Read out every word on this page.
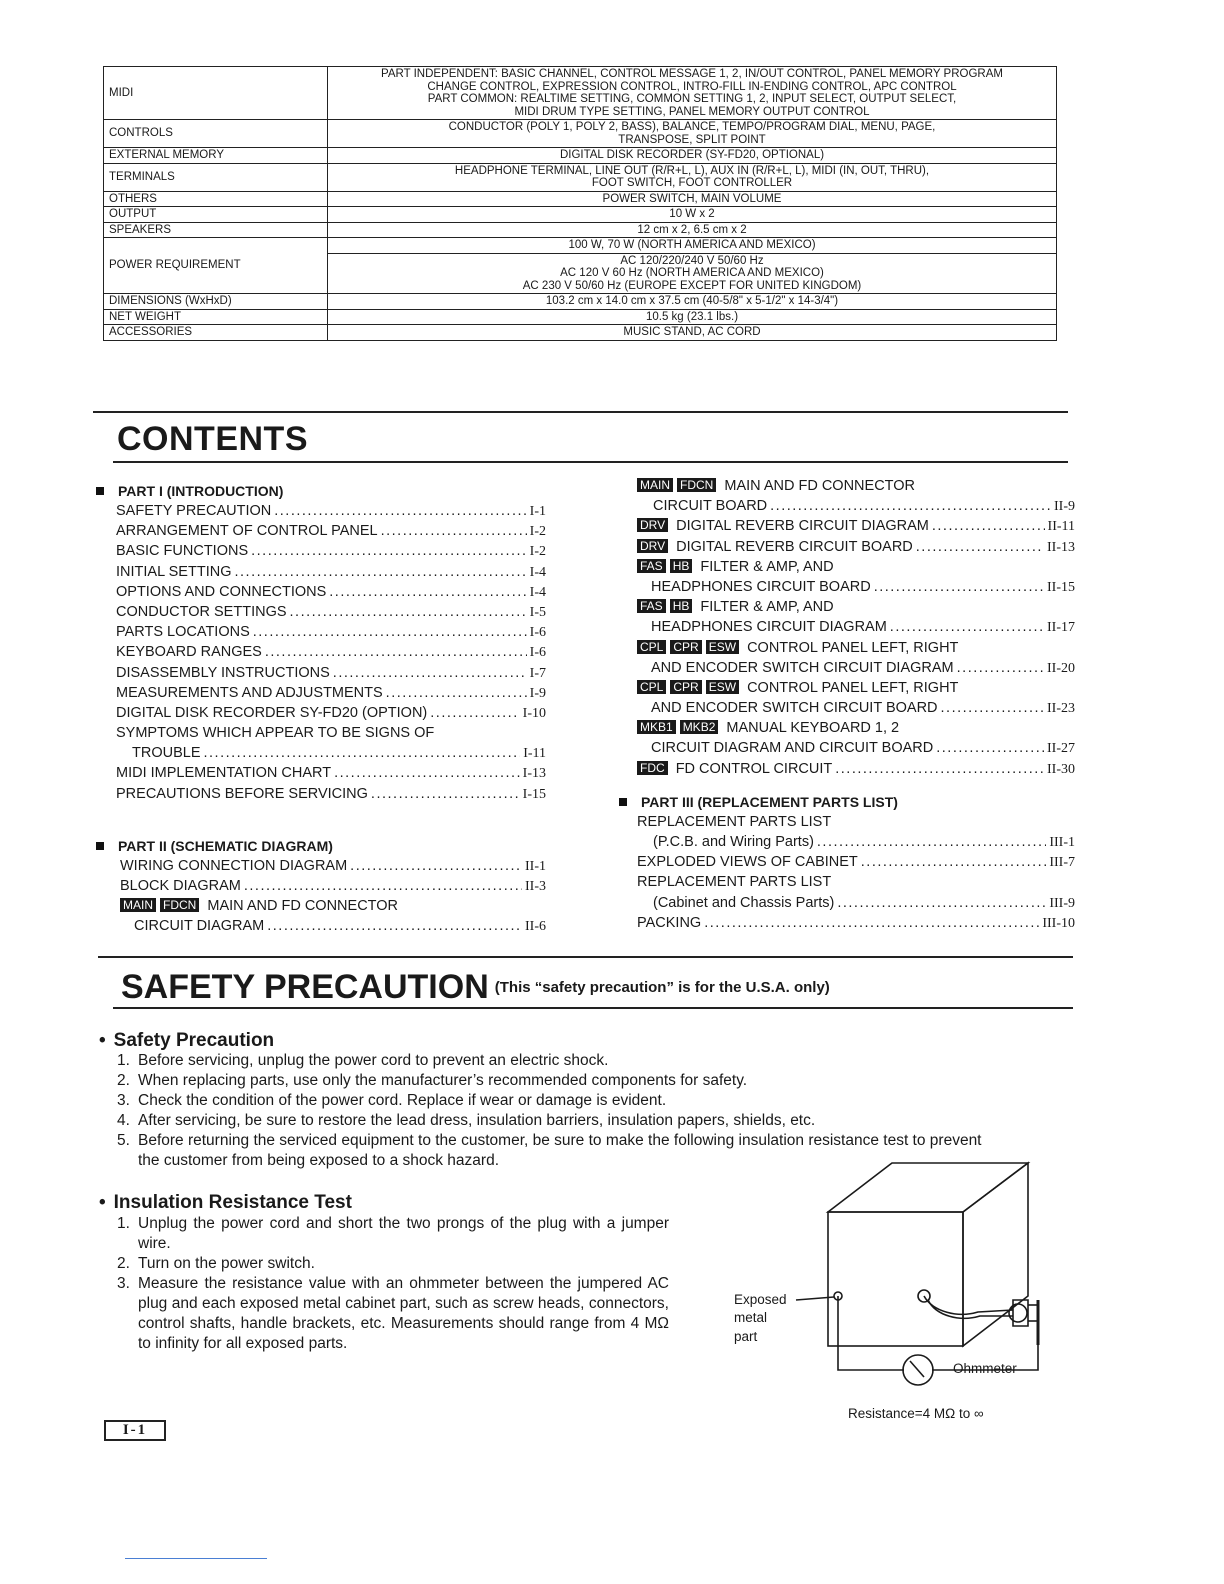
MIDI	PART INDEPENDENT: BASIC CHANNEL, CONTROL MESSAGE 1, 2, IN/OUT CONTROL, PANEL MEMORY PROGRAM
CHANGE CONTROL, EXPRESSION CONTROL, INTRO-FILL IN-ENDING CONTROL, APC CONTROL
PART COMMON: REALTIME SETTING, COMMON SETTING 1, 2, INPUT SELECT, OUTPUT SELECT,
MIDI DRUM TYPE SETTING, PANEL MEMORY OUTPUT CONTROL

CONTROLS	CONDUCTOR (POLY 1, POLY 2, BASS), BALANCE, TEMPO/PROGRAM DIAL, MENU, PAGE,
TRANSPOSE, SPLIT POINT

EXTERNAL MEMORY	DIGITAL DISK RECORDER (SY-FD20, OPTIONAL)

TERMINALS	HEADPHONE TERMINAL, LINE OUT (R/R+L, L), AUX IN (R/R+L, L), MIDI (IN, OUT, THRU),
FOOT SWITCH, FOOT CONTROLLER

OTHERS	POWER SWITCH, MAIN VOLUME

OUTPUT	10 W x 2

SPEAKERS	12 cm x 2, 6.5 cm x 2

POWER REQUIREMENT	100 W, 70 W (NORTH AMERICA AND MEXICO)

	AC 120/220/240 V 50/60 Hz
AC 120 V 60 Hz (NORTH AMERICA AND MEXICO)
AC 230 V 50/60 Hz (EUROPE EXCEPT FOR UNITED KINGDOM)

DIMENSIONS (WxHxD)	103.2 cm x 14.0 cm x 37.5 cm (40-5/8" x 5-1/2" x 14-3/4")

NET WEIGHT	10.5 kg (23.1 lbs.)

ACCESSORIES	MUSIC STAND, AC CORD
CONTENTS
PART I (INTRODUCTION)
SAFETY PRECAUTION .....	I-1
ARRANGEMENT OF CONTROL PANEL .....	I-2
BASIC FUNCTIONS .....	I-2
INITIAL SETTING .....	I-4
OPTIONS AND CONNECTIONS .....	I-4
CONDUCTOR SETTINGS .....	I-5
PARTS LOCATIONS .....	I-6
KEYBOARD RANGES .....	I-6
DISASSEMBLY INSTRUCTIONS .....	I-7
MEASUREMENTS AND ADJUSTMENTS .....	I-9
DIGITAL DISK RECORDER SY-FD20 (OPTION) .....	I-10
SYMPTOMS WHICH APPEAR TO BE SIGNS OF
TROUBLE .....	I-11
MIDI IMPLEMENTATION CHART .....	I-13
PRECAUTIONS BEFORE SERVICING .....	I-15
PART II (SCHEMATIC DIAGRAM)
WIRING CONNECTION DIAGRAM .....	II-1
BLOCK DIAGRAM .....	II-3
MAIN FDCN MAIN AND FD CONNECTOR
CIRCUIT DIAGRAM .....	II-6
MAIN FDCN MAIN AND FD CONNECTOR
CIRCUIT BOARD .....	II-9
DRV DIGITAL REVERB CIRCUIT DIAGRAM .....	II-11
DRV DIGITAL REVERB CIRCUIT BOARD .....	II-13
FAS HB FILTER & AMP, AND
HEADPHONES CIRCUIT BOARD .....	II-15
FAS HB FILTER & AMP, AND
HEADPHONES CIRCUIT DIAGRAM .....	II-17
CPL CPR ESW CONTROL PANEL LEFT, RIGHT
AND ENCODER SWITCH CIRCUIT DIAGRAM .....	II-20
CPL CPR ESW CONTROL PANEL LEFT, RIGHT
AND ENCODER SWITCH CIRCUIT BOARD .....	II-23
MKB1 MKB2 MANUAL KEYBOARD 1, 2
CIRCUIT DIAGRAM AND CIRCUIT BOARD .....	II-27
FDC FD CONTROL CIRCUIT .....	II-30
PART III (REPLACEMENT PARTS LIST)
REPLACEMENT PARTS LIST
(P.C.B. and Wiring Parts) .....	III-1
EXPLODED VIEWS OF CABINET .....	III-7
REPLACEMENT PARTS LIST
(Cabinet and Chassis Parts) .....	III-9
PACKING .....	III-10
SAFETY PRECAUTION (This “safety precaution” is for the U.S.A. only)
• Safety Precaution
1. Before servicing, unplug the power cord to prevent an electric shock.
2. When replacing parts, use only the manufacturer’s recommended components for safety.
3. Check the condition of the power cord. Replace if wear or damage is evident.
4. After servicing, be sure to restore the lead dress, insulation barriers, insulation papers, shields, etc.
5. Before returning the serviced equipment to the customer, be sure to make the following insulation resistance test to prevent the customer from being exposed to a shock hazard.
• Insulation Resistance Test
1. Unplug the power cord and short the two prongs of the plug with a jumper wire.
2. Turn on the power switch.
3. Measure the resistance value with an ohmmeter between the jumpered AC plug and each exposed metal cabinet part, such as screw heads, connectors, control shafts, handle brackets, etc. Measurements should range from 4 MΩ to infinity for all exposed parts.
Exposed
metal
part
Ohmmeter
Resistance=4 MΩ to ∞
I-1
